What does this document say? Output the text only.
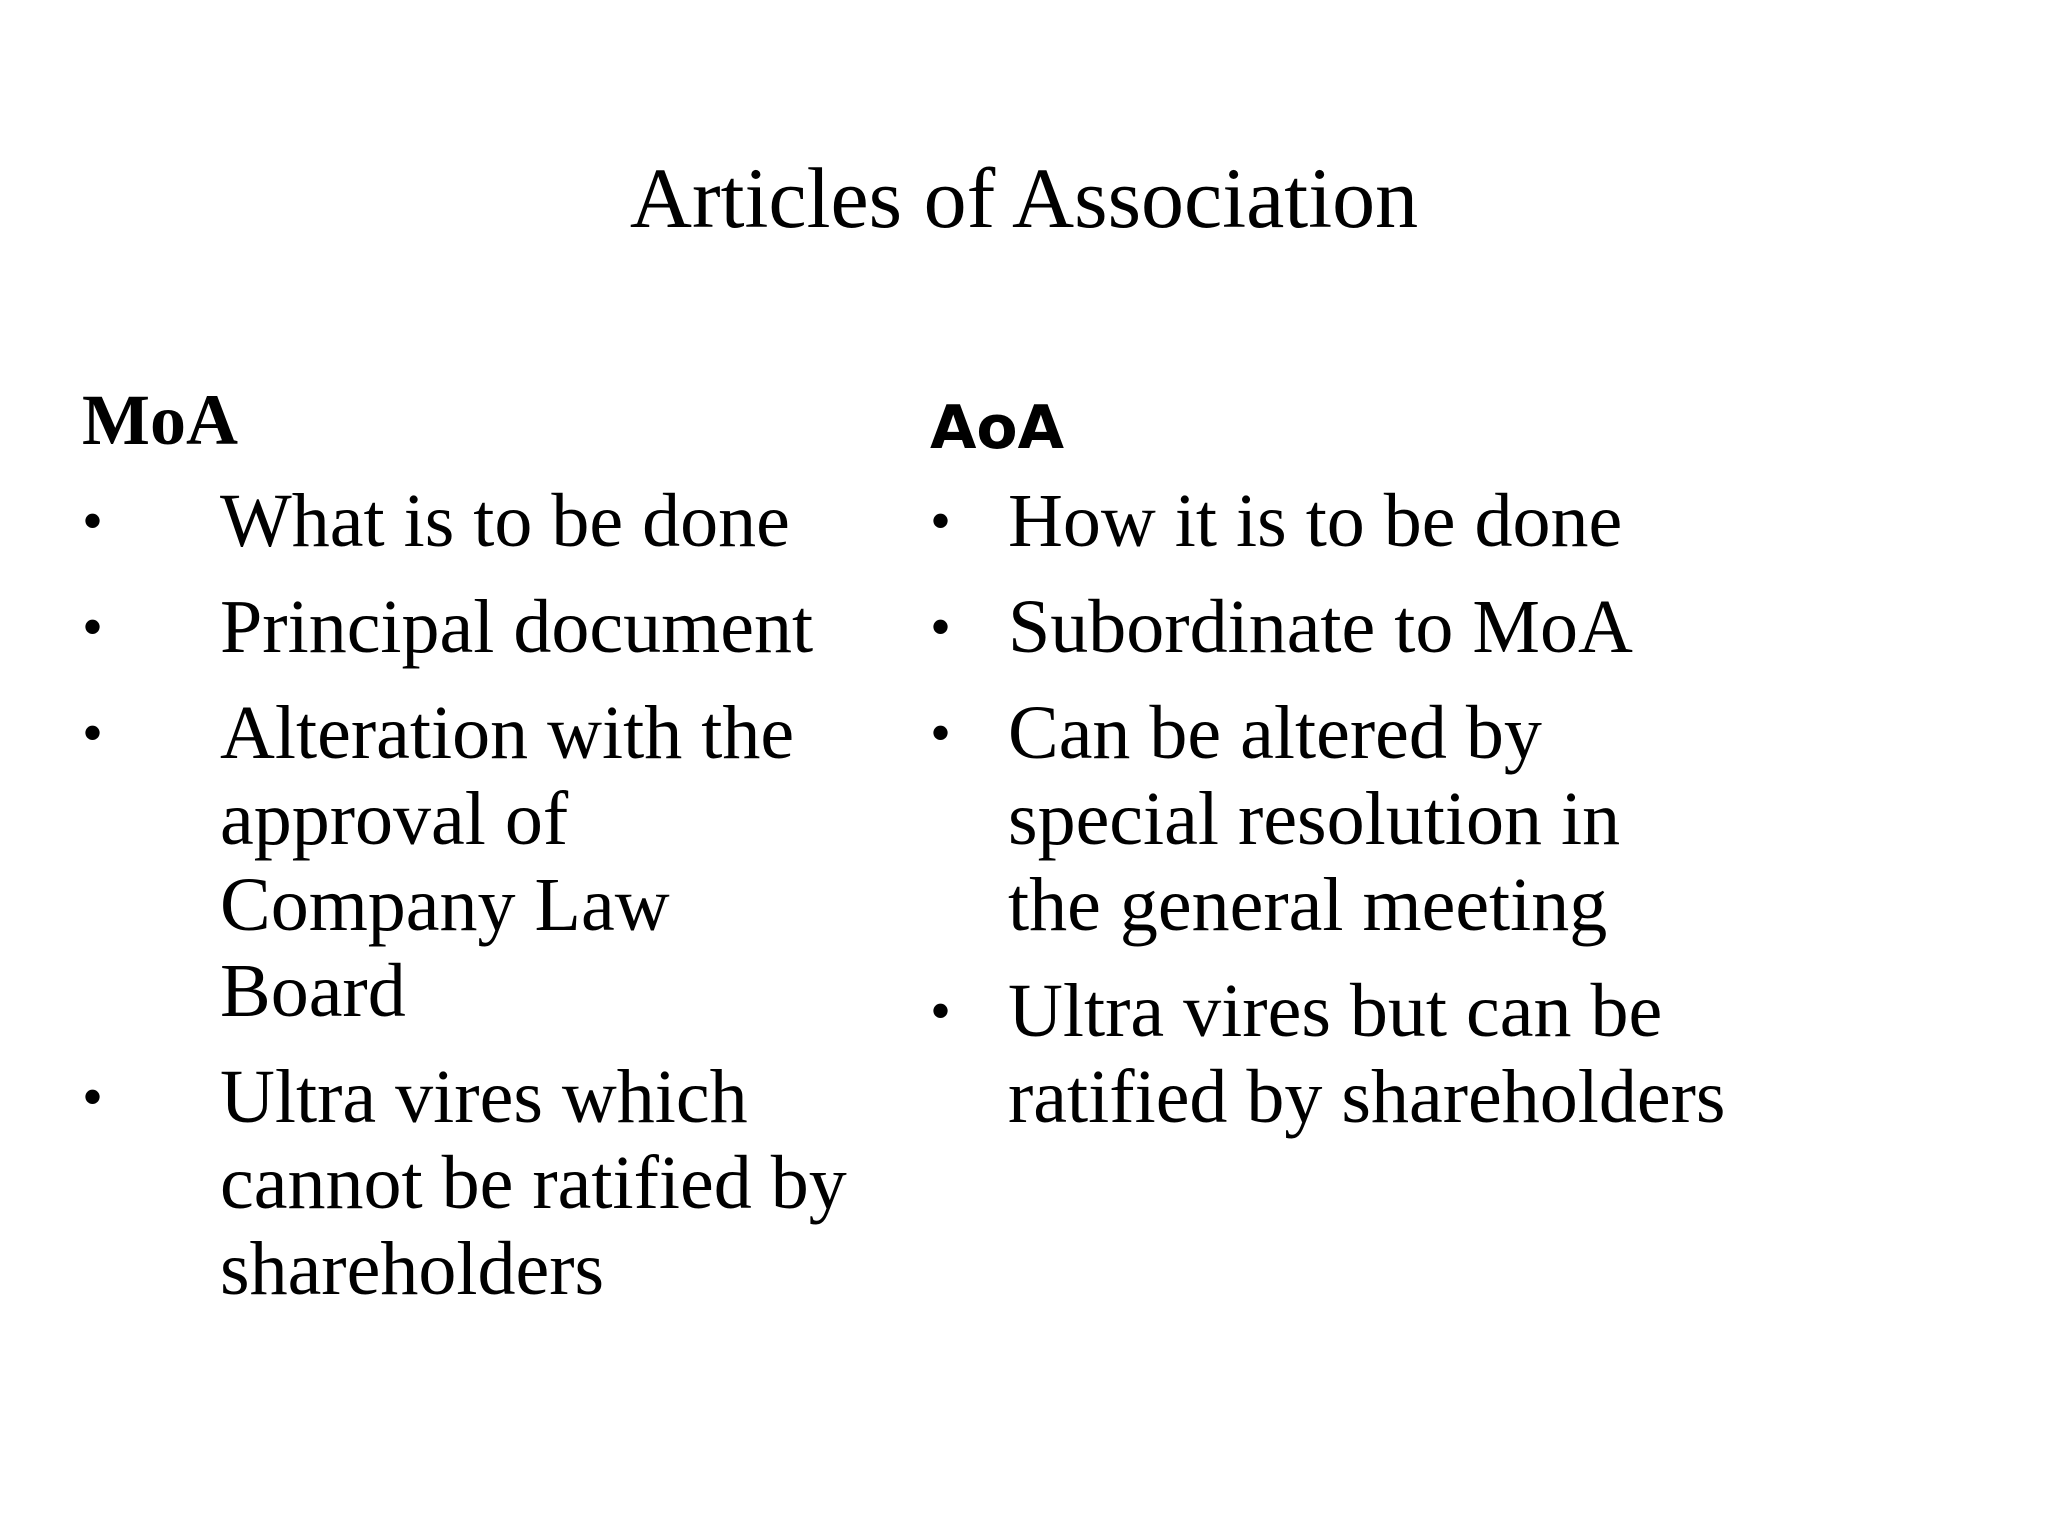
Articles of Association
MoA	AoA
• What is to be done
• Principal document
• Alteration with the approval of Company Law Board
• Ultra vires which cannot be ratified by shareholders
• How it is to be done
• Subordinate to MoA
• Can be altered by special resolution in the general meeting
• Ultra vires but can be ratified by shareholders
